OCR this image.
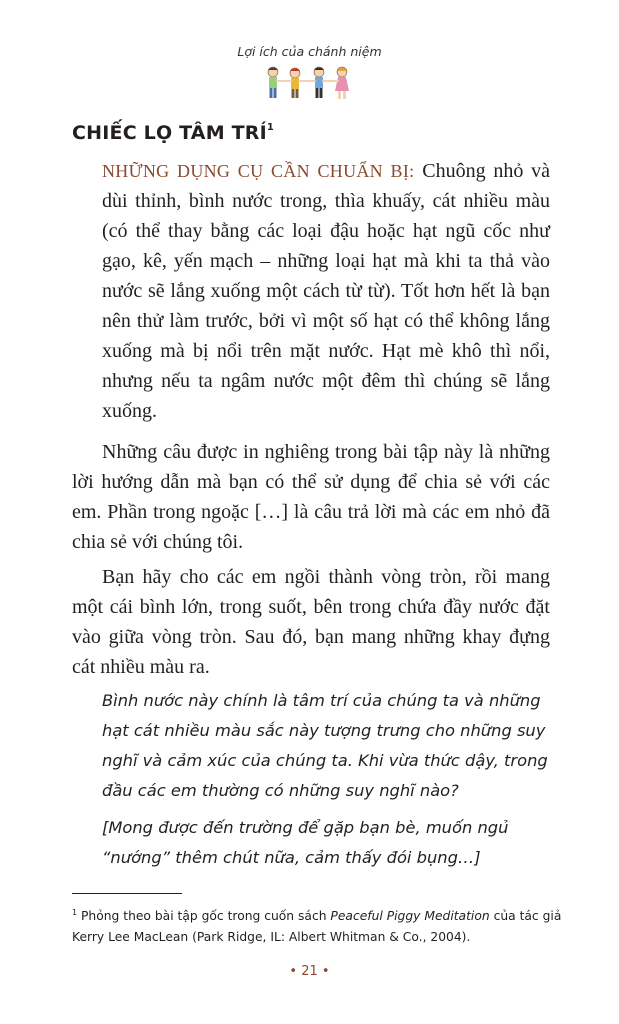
Lợi ích của chánh niệm
CHIẾC LỌ TÂM TRÍ$^1$

NHỮNG DỤNG CỤ CẦN CHUẨN BỊ: Chuông nhỏ và dùi thỉnh, bình nước trong, thìa khuấy, cát nhiều màu (có thể thay bằng các loại đậu hoặc hạt ngũ cốc như gạo, kê, yến mạch – những loại hạt mà khi ta thả vào nước sẽ lắng xuống một cách từ từ). Tốt hơn hết là bạn nên thử làm trước, bởi vì một số hạt có thể không lắng xuống mà bị nổi trên mặt nước. Hạt mè khô thì nổi, nhưng nếu ta ngâm nước một đêm thì chúng sẽ lắng xuống.

Những câu được in nghiêng trong bài tập này là những lời hướng dẫn mà bạn có thể sử dụng để chia sẻ với các em. Phần trong ngoặc […] là câu trả lời mà các em nhỏ đã chia sẻ với chúng tôi.

Bạn hãy cho các em ngồi thành vòng tròn, rồi mang một cái bình lớn, trong suốt, bên trong chứa đầy nước đặt vào giữa vòng tròn. Sau đó, bạn mang những khay đựng cát nhiều màu ra.

Bình nước này chính là tâm trí của chúng ta và những hạt cát nhiều màu sắc này tượng trưng cho những suy nghĩ và cảm xúc của chúng ta. Khi vừa thức dậy, trong đầu các em thường có những suy nghĩ nào?

[Mong được đến trường để gặp bạn bè, muốn ngủ “nướng” thêm chút nữa, cảm thấy đói bụng…]

$^1$ Phỏng theo bài tập gốc trong cuốn sách Peaceful Piggy Meditation của tác giả Kerry Lee MacLean (Park Ridge, IL: Albert Whitman & Co., 2004).

• 21 •
